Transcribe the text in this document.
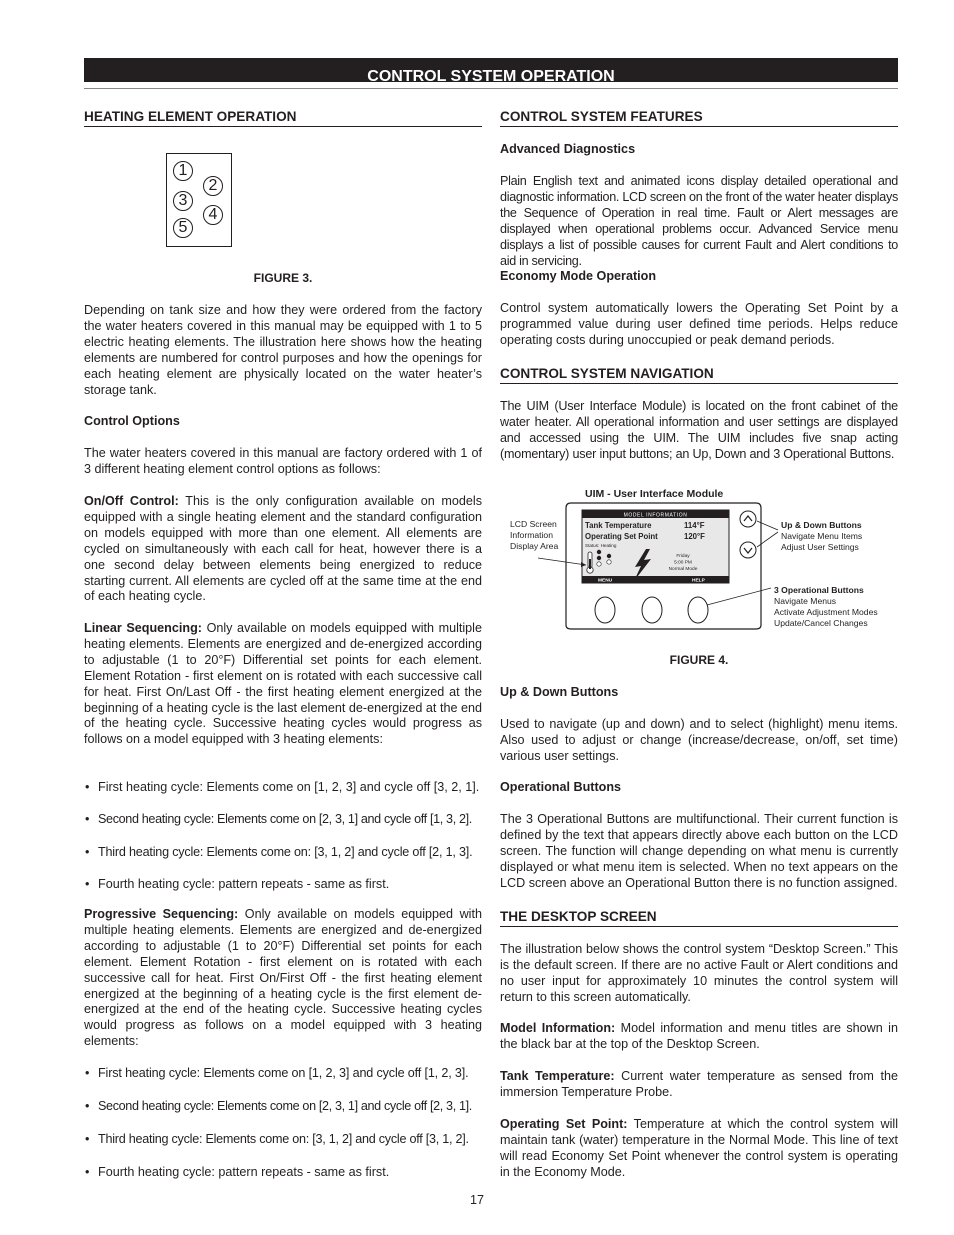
CONTROL SYSTEM OPERATION
HEATING ELEMENT OPERATION

FIGURE 3.

Depending on tank size and how they were ordered from the factory the water heaters covered in this manual may be equipped with 1 to 5 electric heating elements. The illustration here shows how the heating elements are numbered for control purposes and how the openings for each heating element are physically located on the water heater’s storage tank.

Control Options

The water heaters covered in this manual are factory ordered with 1 of 3 different heating element control options as follows:

On/Off Control: This is the only configuration available on models equipped with a single heating element and the standard configuration on models equipped with more than one element. All elements are cycled on simultaneously with each call for heat, however there is a one second delay between elements being energized to reduce starting current. All elements are cycled off at the same time at the end of each heating cycle.

Linear Sequencing: Only available on models equipped with multiple heating elements. Elements are energized and de-energized according to adjustable (1 to 20°F) Differential set points for each element. Element Rotation - first element on is rotated with each successive call for heat. First On/Last Off - the first heating element energized at the beginning of a heating cycle is the last element de-energized at the end of the heating cycle. Successive heating cycles would progress as follows on a model equipped with 3 heating elements:

• First heating cycle: Elements come on [1, 2, 3] and cycle off [3, 2, 1].
• Second heating cycle: Elements come on [2, 3, 1] and cycle off [1, 3, 2].
• Third heating cycle: Elements come on: [3, 1, 2] and cycle off [2, 1, 3].
• Fourth heating cycle: pattern repeats - same as first.

Progressive Sequencing: Only available on models equipped with multiple heating elements. Elements are energized and de-energized according to adjustable (1 to 20°F) Differential set points for each element. Element Rotation - first element on is rotated with each successive call for heat. First On/First Off - the first heating element energized at the beginning of a heating cycle is the first element de-energized at the end of the heating cycle. Successive heating cycles would progress as follows on a model equipped with 3 heating elements:

• First heating cycle: Elements come on [1, 2, 3] and cycle off [1, 2, 3].
• Second heating cycle: Elements come on [2, 3, 1] and cycle off [2, 3, 1].
• Third heating cycle: Elements come on: [3, 1, 2] and cycle off [3, 1, 2].
• Fourth heating cycle: pattern repeats - same as first.
1
2
3
4
5
CONTROL SYSTEM FEATURES

Advanced Diagnostics

Plain English text and animated icons display detailed operational and diagnostic information. LCD screen on the front of the water heater displays the Sequence of Operation in real time. Fault or Alert messages are displayed when operational problems occur. Advanced Service menu displays a list of possible causes for current Fault and Alert conditions to aid in servicing.

Economy Mode Operation

Control system automatically lowers the Operating Set Point by a programmed value during user defined time periods. Helps reduce operating costs during unoccupied or peak demand periods.

CONTROL SYSTEM NAVIGATION

The UIM (User Interface Module) is located on the front cabinet of the water heater. All operational information and user settings are displayed and accessed using the UIM. The UIM includes five snap acting (momentary) user input buttons; an Up, Down and 3 Operational Buttons.

UIM - User Interface Module
MODEL INFORMATION
Tank Temperature	114°F
Operating Set Point	120°F
Status: Heating
Friday
5:00 PM
Normal Mode
MENU	HELP
LCD Screen
Information
Display Area
Up & Down Buttons
Navigate Menu Items
Adjust User Settings
3 Operational Buttons
Navigate Menus
Activate Adjustment Modes
Update/Cancel Changes

FIGURE 4.

Up & Down Buttons

Used to navigate (up and down) and to select (highlight) menu items. Also used to adjust or change (increase/decrease, on/off, set time) various user settings.

Operational Buttons

The 3 Operational Buttons are multifunctional. Their current function is defined by the text that appears directly above each button on the LCD screen. The function will change depending on what menu is currently displayed or what menu item is selected. When no text appears on the LCD screen above an Operational Button there is no function assigned.

THE DESKTOP SCREEN

The illustration below shows the control system “Desktop Screen.” This is the default screen. If there are no active Fault or Alert conditions and no user input for approximately 10 minutes the control system will return to this screen automatically.

Model Information: Model information and menu titles are shown in the black bar at the top of the Desktop Screen.

Tank Temperature: Current water temperature as sensed from the immersion Temperature Probe.

Operating Set Point: Temperature at which the control system will maintain tank (water) temperature in the Normal Mode. This line of text will read Economy Set Point whenever the control system is operating in the Economy Mode.

17
